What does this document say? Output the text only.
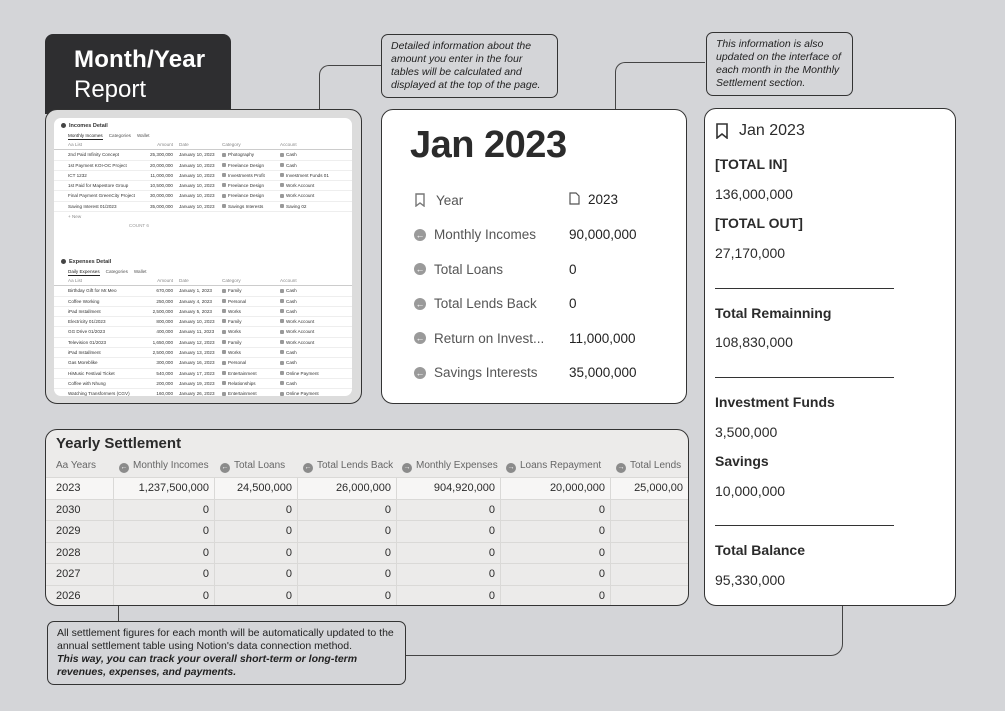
Month/Year
Report
Detailed information about the amount you enter in the four tables will be calculated and displayed at the top of the page.
This information is also updated on the interface of each month in the Monthly Settlement section.
All settlement figures for each month will be automatically updated to the annual settlement table using Notion's data connection method.
This way, you can track your overall short-term or long-term revenues, expenses, and payments.
Incomes Detail
Monthly Incomes Categories Wallet
Aa List	Amount	Date	Category	Account
2nd Paid Infinity Concept	25,300,000	January 10, 2023	Photography	Cash
1st Payment KOI-OC Project	20,000,000	January 10, 2023	Freelance Design	Cash
ICT 1232	11,000,000	January 10, 2023	Investments Profit	Investment Funds 01
1st Paid for Mapestore Group	10,500,000	January 10, 2023	Freelance Design	Work Account
Final Payment GreenCity Project	30,000,000	January 10, 2023	Freelance Design	Work Account
Saving Interest 01/2023	35,000,000	January 10, 2023	Savings Interests	Saving 02
+ New
COUNT 6
Expenses Detail
Daily Expenses Categories Wallet
Aa List	Amount	Date	Category	Account
Birthday Gift for Mr.Meo	670,000	January 1, 2023	Family	Cash
Coffee Working	250,000	January 4, 2023	Personal	Cash
iPad Installment	2,500,000	January 5, 2023	Works	Cash
Electricity 01/2023	800,000	January 10, 2023	Family	Work Account
GG Drive 01/2023	400,000	January 11, 2023	Works	Work Account
Television 01/2023	1,650,000	January 12, 2023	Family	Work Account
iPad Installment	2,500,000	January 13, 2023	Works	Cash
Gas Moreblike	300,000	January 16, 2023	Personal	Cash
HiMusic Festival Ticket	540,000	January 17, 2023	Entertainment	Online Payment
Coffee with Nhung	200,000	January 19, 2023	Relationships	Cash
Watching Transformers (CGV)	160,000	January 26, 2023	Entertainment	Online Payment
Jan 2023
Year	2023
← Monthly Incomes	90,000,000
← Total Loans	0
← Total Lends Back	0
← Return on Invest...	11,000,000
← Savings Interests	35,000,000
Jan 2023
[TOTAL IN]
136,000,000
[TOTAL OUT]
27,170,000
Total Remainning
108,830,000
Investment Funds
3,500,000
Savings
10,000,000
Total Balance
95,330,000
Yearly Settlement
Aa Years	← Monthly Incomes	← Total Loans	← Total Lends Back	→ Monthly Expenses	→ Loans Repayment	→ Total Lends
2023	1,237,500,000	24,500,000	26,000,000	904,920,000	20,000,000	25,000,00
2030	0	0	0	0	0
2029	0	0	0	0	0
2028	0	0	0	0	0
2027	0	0	0	0	0
2026	0	0	0	0	0
